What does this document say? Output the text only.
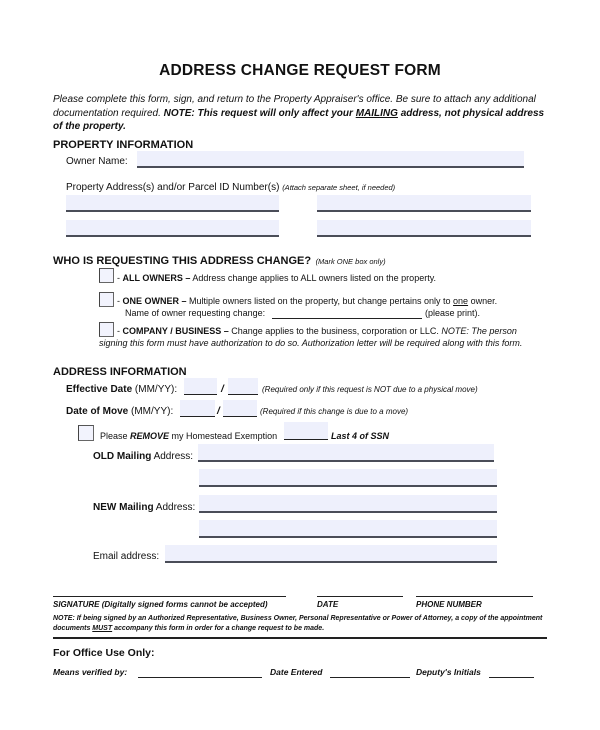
ADDRESS CHANGE REQUEST FORM
Please complete this form, sign, and return to the Property Appraiser's office. Be sure to attach any additional documentation required. NOTE: This request will only affect your MAILING address, not physical address of the property.
PROPERTY INFORMATION
Owner Name:
Property Address(s) and/or Parcel ID Number(s) (Attach separate sheet, if needed)
WHO IS REQUESTING THIS ADDRESS CHANGE? (Mark ONE box only)
- ALL OWNERS – Address change applies to ALL owners listed on the property.
- ONE OWNER – Multiple owners listed on the property, but change pertains only to one owner.
Name of owner requesting change:	(please print).
- COMPANY / BUSINESS – Change applies to the business, corporation or LLC. NOTE: The person
signing this form must have authorization to do so. Authorization letter will be required along with this form.
ADDRESS INFORMATION
Effective Date (MM/YY):	/	(Required only if this request is NOT due to a physical move)
Date of Move (MM/YY):	/	(Required if this change is due to a move)
Please REMOVE my Homestead Exemption	Last 4 of SSN
OLD Mailing Address:
NEW Mailing Address:
Email address:
SIGNATURE (Digitally signed forms cannot be accepted)	DATE	PHONE NUMBER
NOTE: If being signed by an Authorized Representative, Business Owner, Personal Representative or Power of Attorney, a copy of the appointment documents MUST accompany this form in order for a change request to be made.
For Office Use Only:
Means verified by:	Date Entered	Deputy's Initials
